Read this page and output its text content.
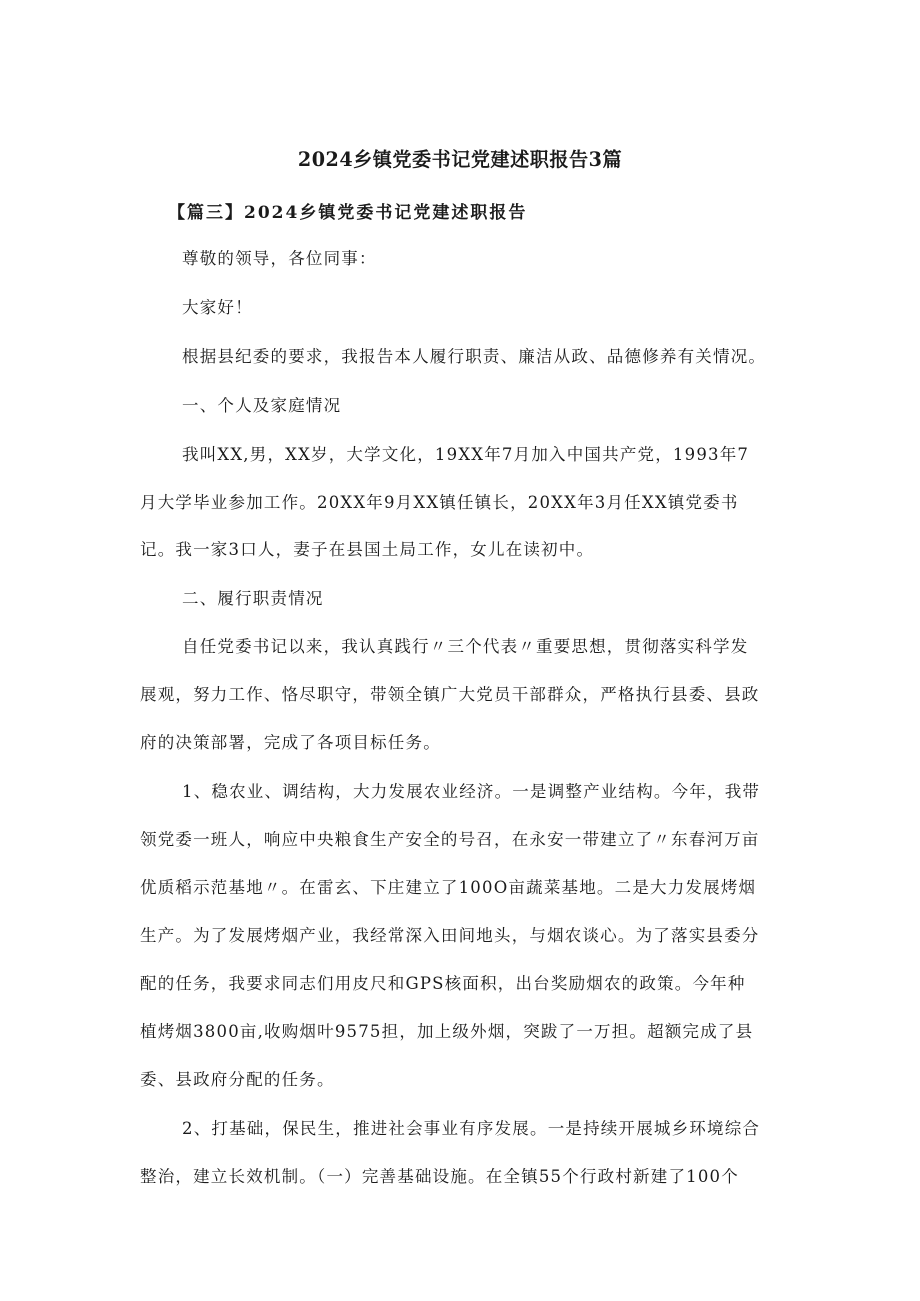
2024乡镇党委书记党建述职报告3篇
【篇三】2024乡镇党委书记党建述职报告
尊敬的领导，各位同事：
大家好！
根据县纪委的要求，我报告本人履行职责、廉洁从政、品德修养有关情况。
一、个人及家庭情况
我叫XX,男，XX岁，大学文化，19XX年7月加入中国共产党，1993年7
月大学毕业参加工作。20XX年9月XX镇任镇长，20XX年3月任XX镇党委书
记。我一家3口人，妻子在县国土局工作，女儿在读初中。
二、履行职责情况
自任党委书记以来，我认真践行〃三个代表〃重要思想，贯彻落实科学发
展观，努力工作、恪尽职守，带领全镇广大党员干部群众，严格执行县委、县政
府的决策部署，完成了各项目标任务。
1、稳农业、调结构，大力发展农业经济。一是调整产业结构。今年，我带
领党委一班人，响应中央粮食生产安全的号召，在永安一带建立了〃东春河万亩
优质稻示范基地〃。在雷玄、下庄建立了100O亩蔬菜基地。二是大力发展烤烟
生产。为了发展烤烟产业，我经常深入田间地头，与烟农谈心。为了落实县委分
配的任务，我要求同志们用皮尺和GPS核面积，出台奖励烟农的政策。今年种
植烤烟3800亩,收购烟叶9575担，加上级外烟，突跋了一万担。超额完成了县
委、县政府分配的任务。
2、打基础，保民生，推进社会事业有序发展。一是持续开展城乡环境综合
整治，建立长效机制。（一）完善基础设施。在全镇55个行政村新建了100个
